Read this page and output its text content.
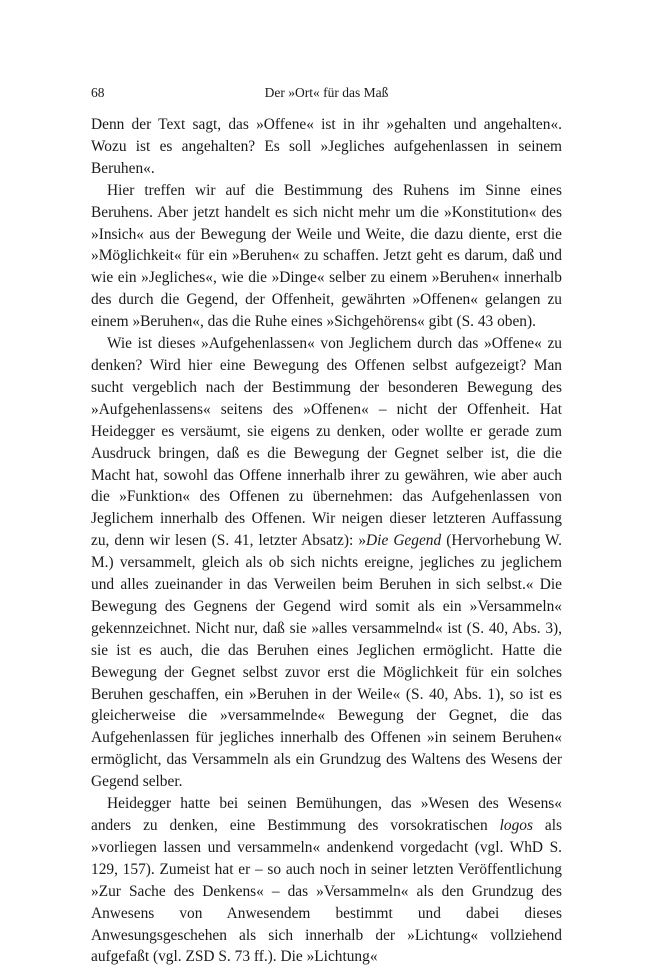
68	Der »Ort« für das Maß

Denn der Text sagt, das »Offene« ist in ihr »gehalten und angehalten«. Wozu ist es angehalten? Es soll »Jegliches aufgehenlassen in seinem Beruhen«.

Hier treffen wir auf die Bestimmung des Ruhens im Sinne eines Beruhens. Aber jetzt handelt es sich nicht mehr um die »Konstitution« des »Insich« aus der Bewegung der Weile und Weite, die dazu diente, erst die »Möglichkeit« für ein »Beruhen« zu schaffen. Jetzt geht es darum, daß und wie ein »Jegliches«, wie die »Dinge« selber zu einem »Beruhen« innerhalb des durch die Gegend, der Offenheit, gewährten »Offenen« gelangen zu einem »Beruhen«, das die Ruhe eines »Sichgehörens« gibt (S. 43 oben).

Wie ist dieses »Aufgehenlassen« von Jeglichem durch das »Offene« zu denken? Wird hier eine Bewegung des Offenen selbst aufgezeigt? Man sucht vergeblich nach der Bestimmung der besonderen Bewegung des »Aufgehenlassens« seitens des »Offenen« – nicht der Offenheit. Hat Heidegger es versäumt, sie eigens zu denken, oder wollte er gerade zum Ausdruck bringen, daß es die Bewegung der Gegnet selber ist, die die Macht hat, sowohl das Offene innerhalb ihrer zu gewähren, wie aber auch die »Funktion« des Offenen zu übernehmen: das Aufgehenlassen von Jeglichem innerhalb des Offenen. Wir neigen dieser letzteren Auffassung zu, denn wir lesen (S. 41, letzter Absatz): »Die Gegend (Hervorhebung W. M.) versammelt, gleich als ob sich nichts ereigne, jegliches zu jeglichem und alles zueinander in das Verweilen beim Beruhen in sich selbst.« Die Bewegung des Gegnens der Gegend wird somit als ein »Versammeln« gekennzeichnet. Nicht nur, daß sie »alles versammelnd« ist (S. 40, Abs. 3), sie ist es auch, die das Beruhen eines Jeglichen ermöglicht. Hatte die Bewegung der Gegnet selbst zuvor erst die Möglichkeit für ein solches Beruhen geschaffen, ein »Beruhen in der Weile« (S. 40, Abs. 1), so ist es gleicherweise die »versammelnde« Bewegung der Gegnet, die das Aufgehenlassen für jegliches innerhalb des Offenen »in seinem Beruhen« ermöglicht, das Versammeln als ein Grundzug des Waltens des Wesens der Gegend selber.

Heidegger hatte bei seinen Bemühungen, das »Wesen des Wesens« anders zu denken, eine Bestimmung des vorsokratischen logos als »vorliegen lassen und versammeln« andenkend vorgedacht (vgl. WhD S. 129, 157). Zumeist hat er – so auch noch in seiner letzten Veröffentlichung »Zur Sache des Denkens« – das »Versammeln« als den Grundzug des Anwesens von Anwesendem bestimmt und dabei dieses Anwesungsgeschehen als sich innerhalb der »Lichtung« vollziehend aufgefaßt (vgl. ZSD S. 73 ff.). Die »Lichtung«
